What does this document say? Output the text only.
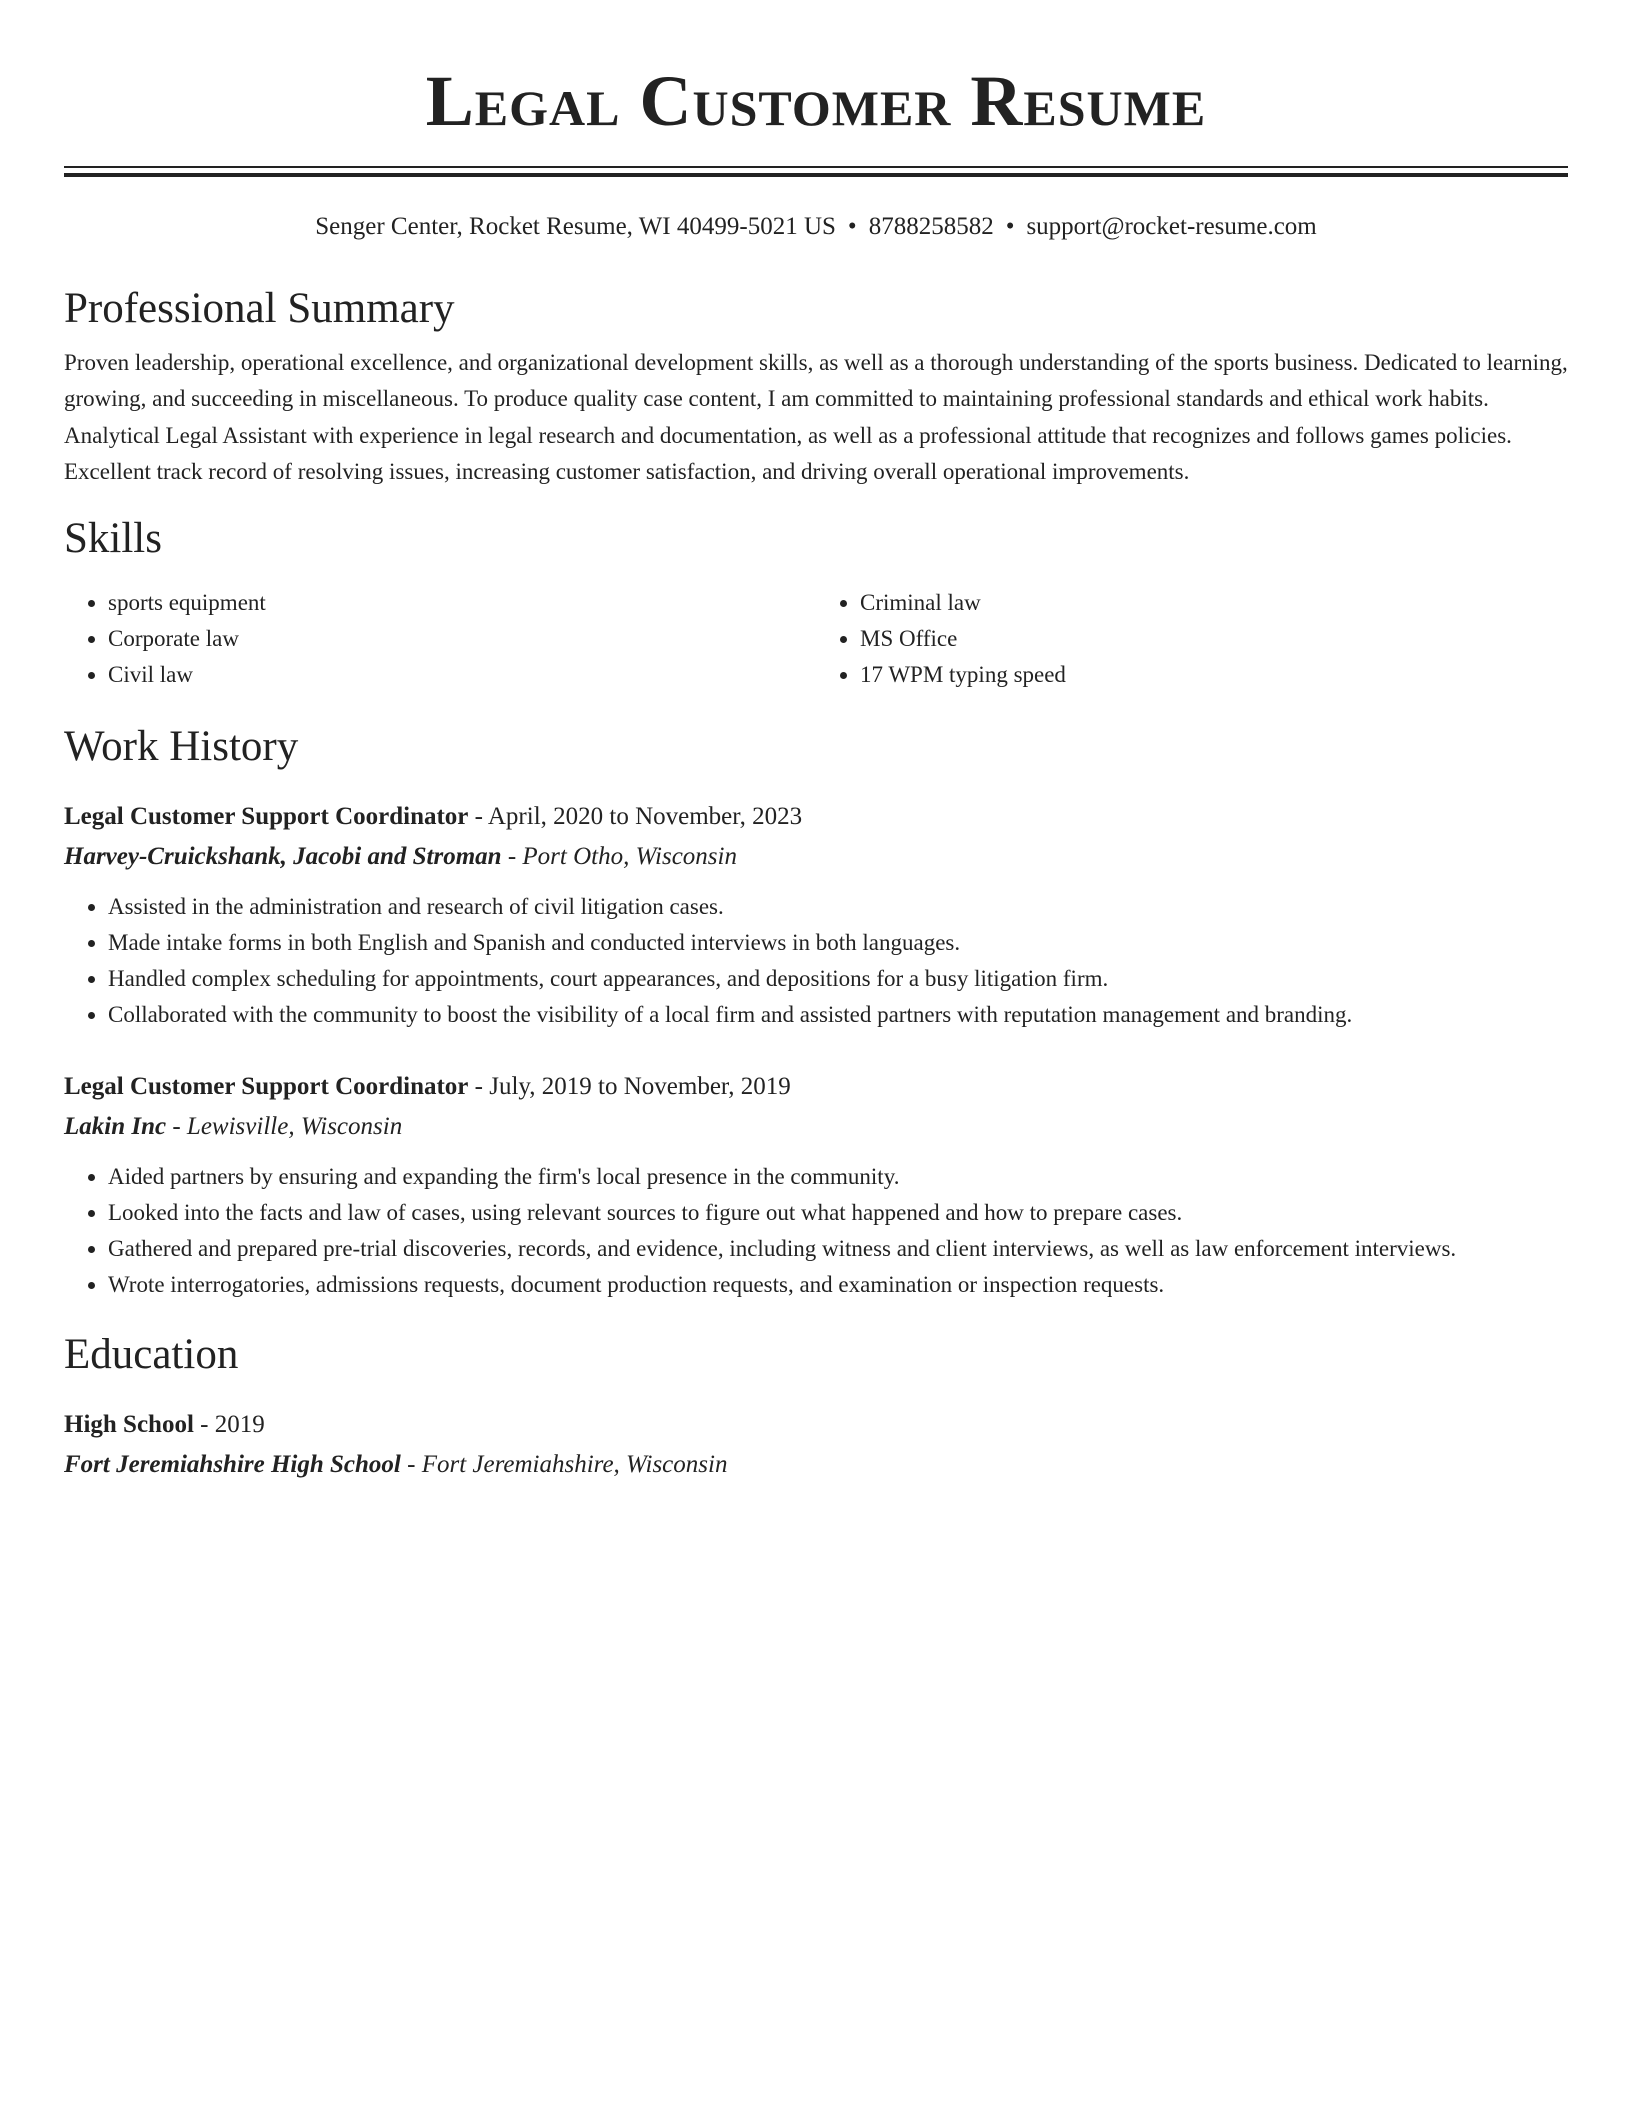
Legal Customer Resume
Senger Center, Rocket Resume, WI 40499-5021 US • 8788258582 • support@rocket-resume.com
Professional Summary

Proven leadership, operational excellence, and organizational development skills, as well as a thorough understanding of the sports business. Dedicated to learning, growing, and succeeding in miscellaneous. To produce quality case content, I am committed to maintaining professional standards and ethical work habits. Analytical Legal Assistant with experience in legal research and documentation, as well as a professional attitude that recognizes and follows games policies. Excellent track record of resolving issues, increasing customer satisfaction, and driving overall operational improvements.

Skills
• sports equipment
• Corporate law
• Civil law
• Criminal law
• MS Office
• 17 WPM typing speed
Work History
Legal Customer Support Coordinator - April, 2020 to November, 2023
Harvey-Cruickshank, Jacobi and Stroman - Port Otho, Wisconsin
• Assisted in the administration and research of civil litigation cases.
• Made intake forms in both English and Spanish and conducted interviews in both languages.
• Handled complex scheduling for appointments, court appearances, and depositions for a busy litigation firm.
• Collaborated with the community to boost the visibility of a local firm and assisted partners with reputation management and branding.
Legal Customer Support Coordinator - July, 2019 to November, 2019
Lakin Inc - Lewisville, Wisconsin
• Aided partners by ensuring and expanding the firm's local presence in the community.
• Looked into the facts and law of cases, using relevant sources to figure out what happened and how to prepare cases.
• Gathered and prepared pre-trial discoveries, records, and evidence, including witness and client interviews, as well as law enforcement interviews.
• Wrote interrogatories, admissions requests, document production requests, and examination or inspection requests.
Education
High School - 2019
Fort Jeremiahshire High School - Fort Jeremiahshire, Wisconsin
